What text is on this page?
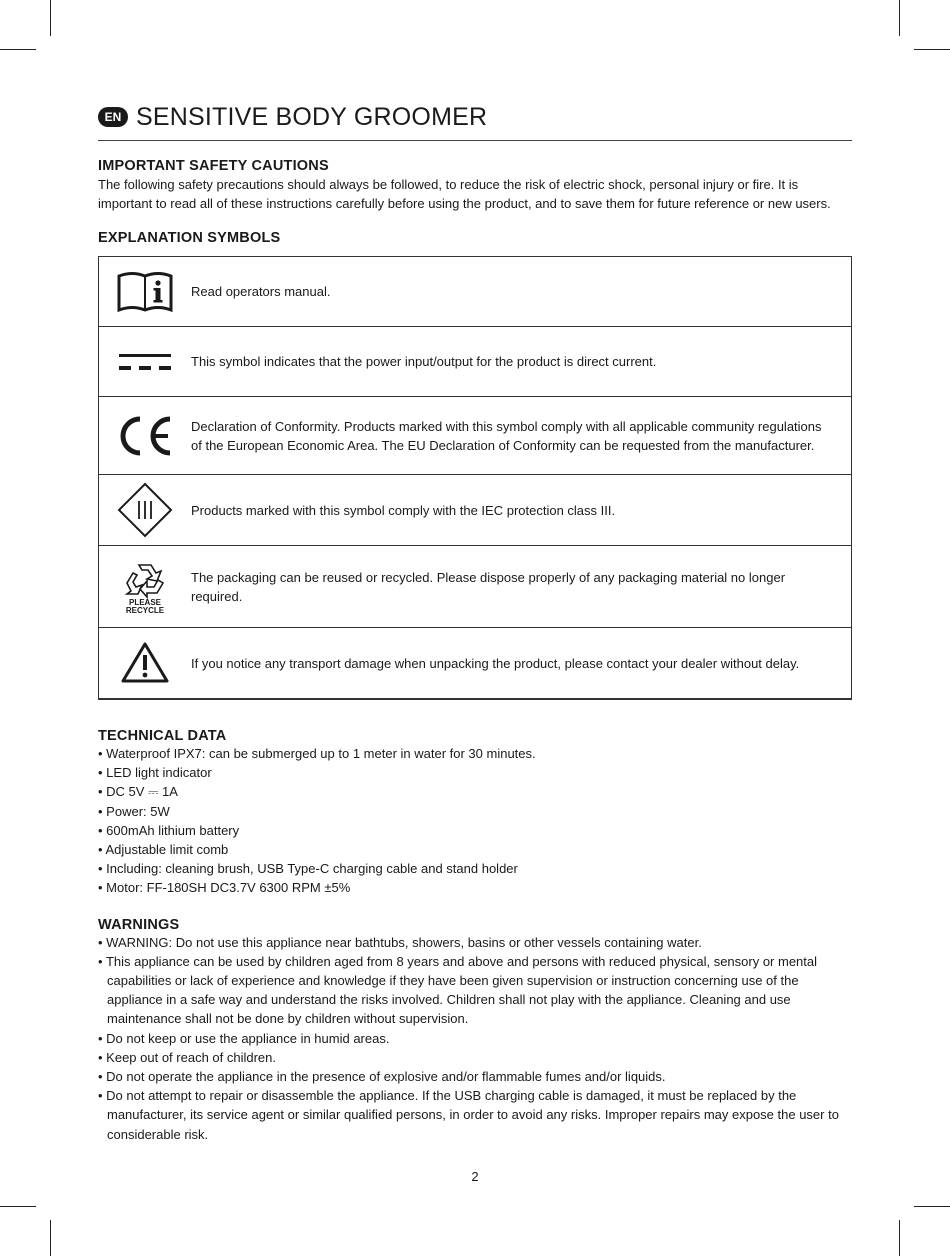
EN SENSITIVE BODY GROOMER
IMPORTANT SAFETY CAUTIONS
The following safety precautions should always be followed, to reduce the risk of electric shock, personal injury or fire. It is important to read all of these instructions carefully before using the product, and to save them for future reference or new users.
EXPLANATION SYMBOLS
Read operators manual.
This symbol indicates that the power input/output for the product is direct current.
Declaration of Conformity. Products marked with this symbol comply with all applicable community regulations of the European Economic Area. The EU Declaration of Conformity can be requested from the manufacturer.
Products marked with this symbol comply with the IEC protection class III.
PLEASE
RECYCLE
The packaging can be reused or recycled. Please dispose properly of any packaging material no longer required.
If you notice any transport damage when unpacking the product, please contact your dealer without delay.
TECHNICAL DATA
• Waterproof IPX7: can be submerged up to 1 meter in water for 30 minutes.
• LED light indicator
• DC 5V ⎓ 1A
• Power: 5W
• 600mAh lithium battery
• Adjustable limit comb
• Including: cleaning brush, USB Type-C charging cable and stand holder
• Motor: FF-180SH DC3.7V 6300 RPM ±5%
WARNINGS
• WARNING: Do not use this appliance near bathtubs, showers, basins or other vessels containing water.
• This appliance can be used by children aged from 8 years and above and persons with reduced physical, sensory or mental capabilities or lack of experience and knowledge if they have been given supervision or instruction concerning use of the appliance in a safe way and understand the risks involved. Children shall not play with the appliance. Cleaning and use maintenance shall not be done by children without supervision.
• Do not keep or use the appliance in humid areas.
• Keep out of reach of children.
• Do not operate the appliance in the presence of explosive and/or flammable fumes and/or liquids.
• Do not attempt to repair or disassemble the appliance. If the USB charging cable is damaged, it must be replaced by the manufacturer, its service agent or similar qualified persons, in order to avoid any risks. Improper repairs may expose the user to considerable risk.
2
